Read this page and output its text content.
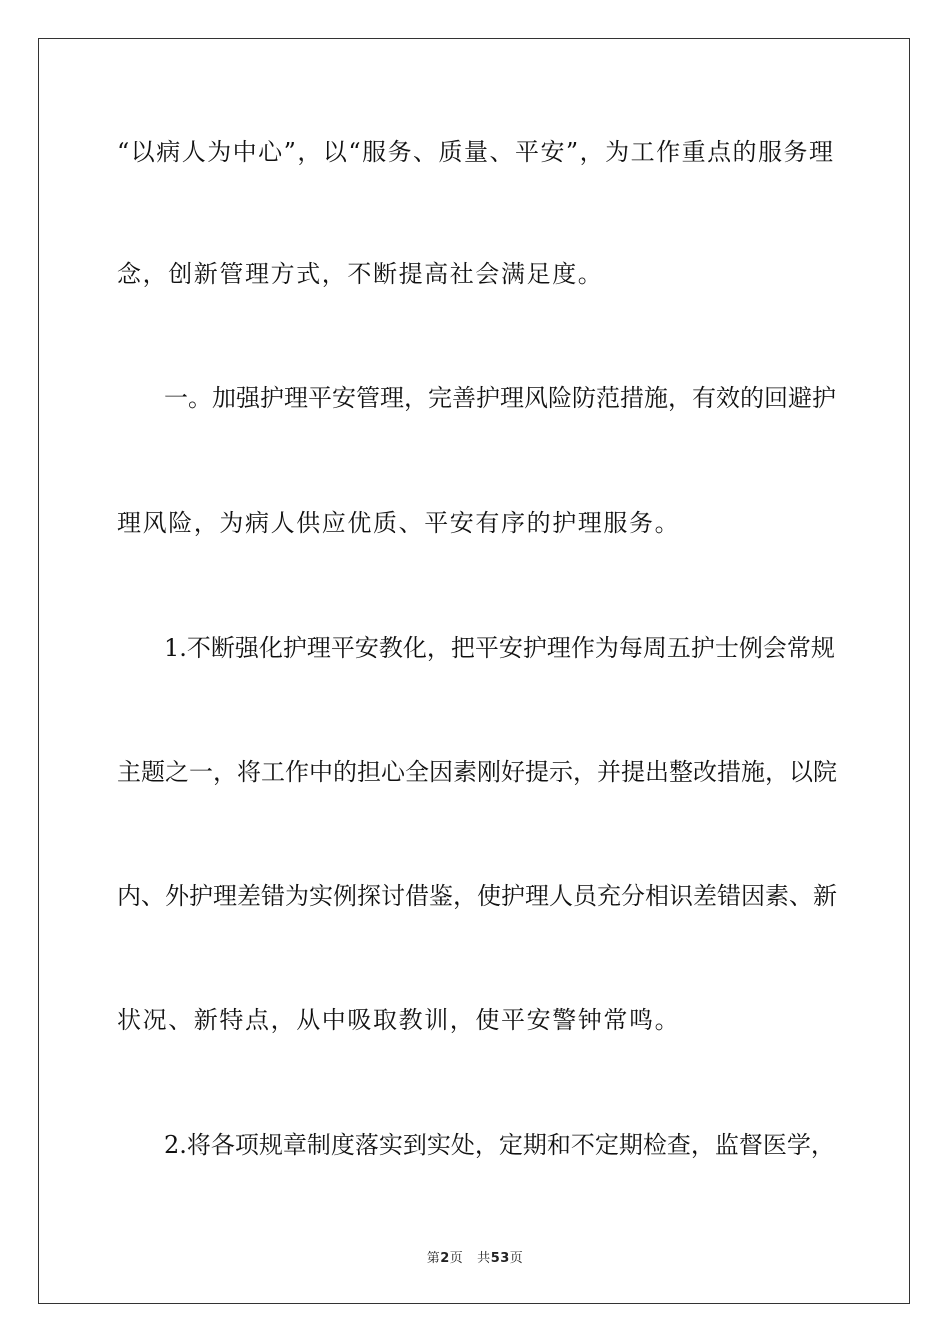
“以病人为中心”，以“服务、质量、平安”，为工作重点的服务理
念，创新管理方式，不断提高社会满足度。
一。加强护理平安管理，完善护理风险防范措施，有效的回避护
理风险，为病人供应优质、平安有序的护理服务。
1.不断强化护理平安教化，把平安护理作为每周五护士例会常规
主题之一，将工作中的担心全因素刚好提示，并提出整改措施，以院
内、外护理差错为实例探讨借鉴，使护理人员充分相识差错因素、新
状况、新特点，从中吸取教训，使平安警钟常鸣。
2.将各项规章制度落实到实处，定期和不定期检查，监督医学，
第2页 共53页
